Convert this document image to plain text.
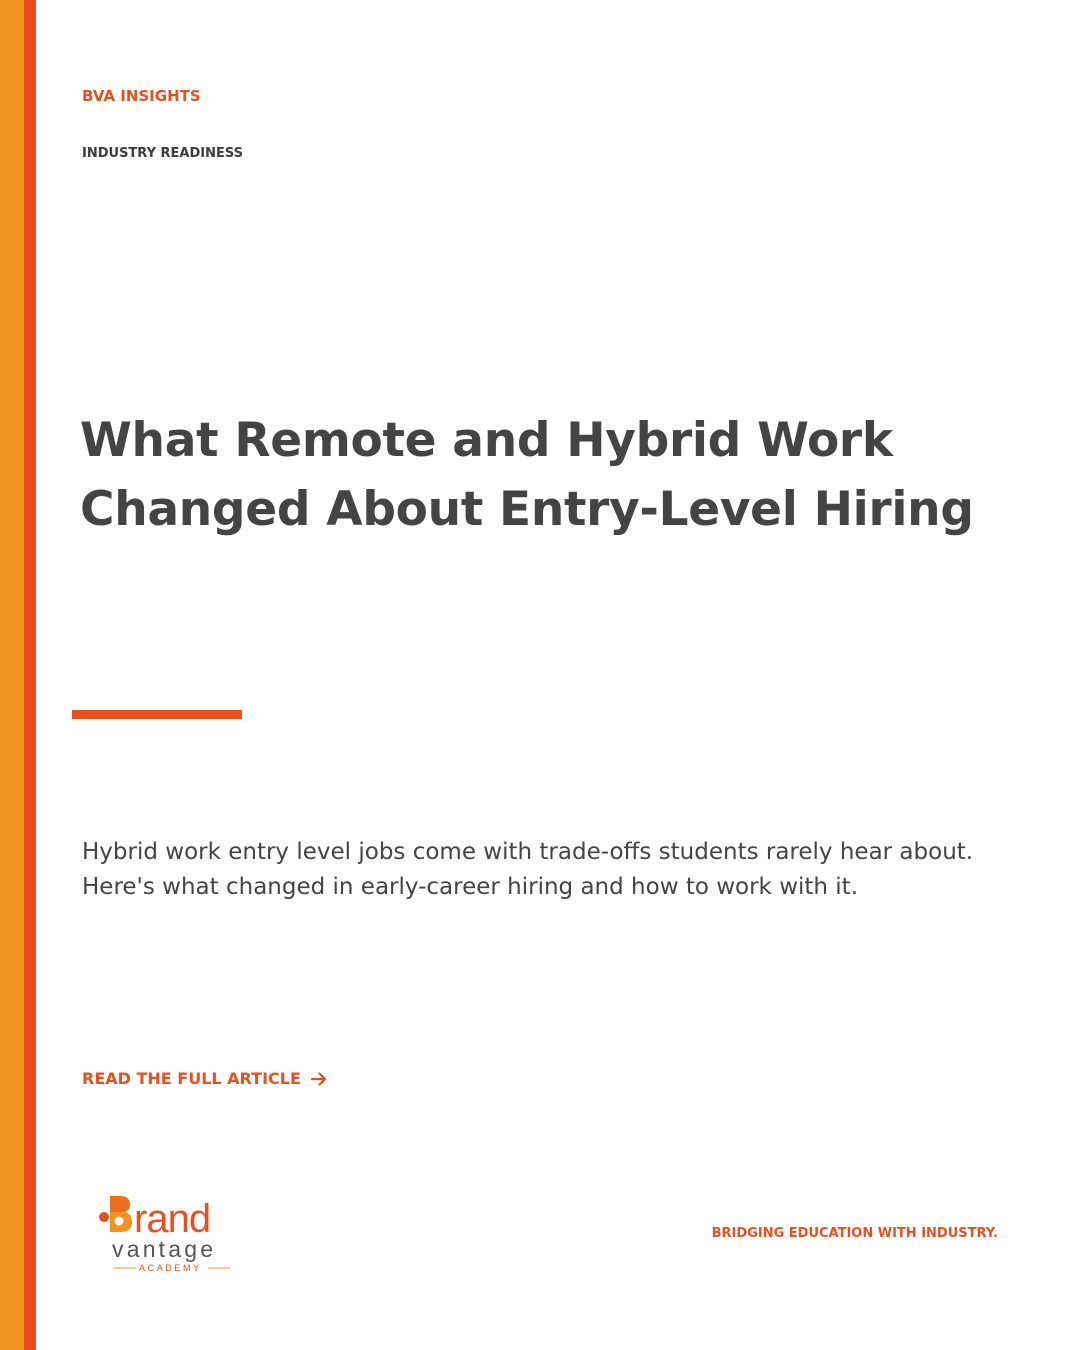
BVA INSIGHTS

INDUSTRY READINESS

What Remote and Hybrid Work Changed About Entry-Level Hiring

Hybrid work entry level jobs come with trade-offs students rarely hear about. Here's what changed in early-career hiring and how to work with it.

READ THE FULL ARTICLE
rand
vantage
ACADEMY

BRIDGING EDUCATION WITH INDUSTRY.
